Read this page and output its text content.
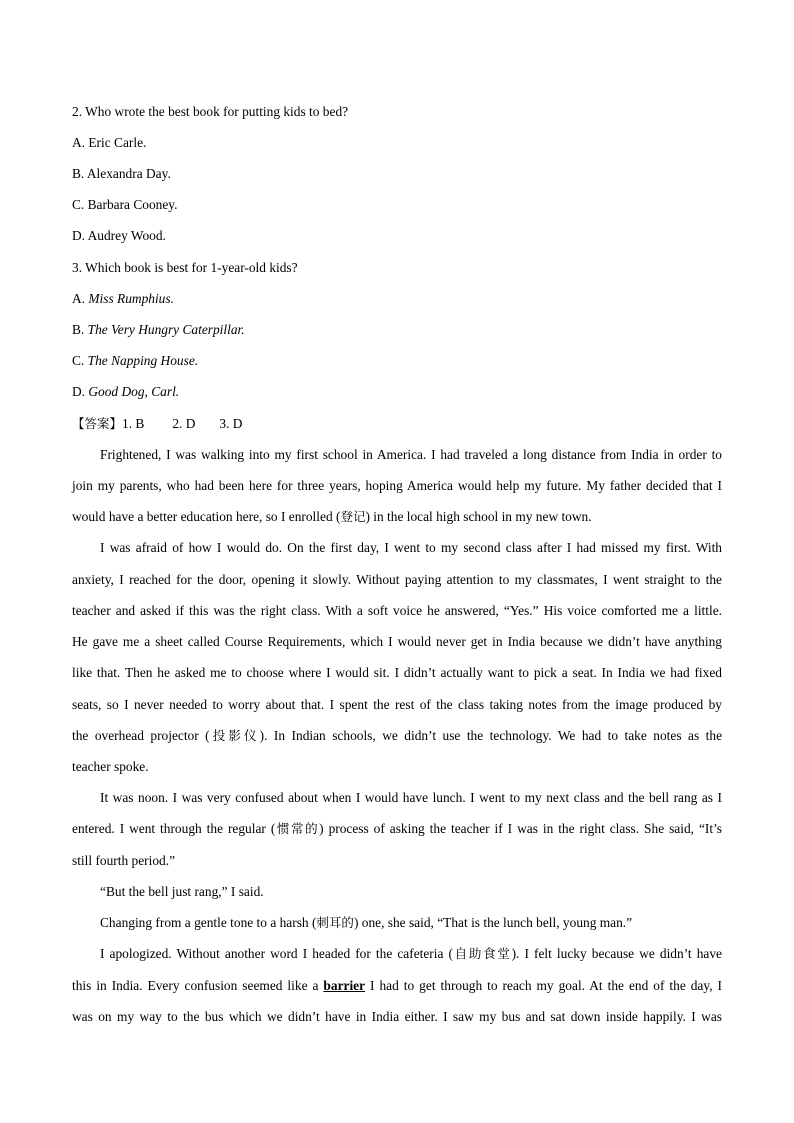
2. Who wrote the best book for putting kids to bed?

A. Eric Carle.

B. Alexandra Day.

C. Barbara Cooney.

D. Audrey Wood.

3. Which book is best for 1-year-old kids?

A. Miss Rumphius.

B. The Very Hungry Caterpillar.

C. The Napping House.

D. Good Dog, Carl.

【答案】1. B 2. D 3. D

Frightened, I was walking into my first school in America. I had traveled a long distance from India in order to

join my parents, who had been here for three years, hoping America would help my future. My father decided that I

would have a better education here, so I enrolled (登记) in the local high school in my new town.

I was afraid of how I would do. On the first day, I went to my second class after I had missed my first. With

anxiety, I reached for the door, opening it slowly. Without paying attention to my classmates, I went straight to the

teacher and asked if this was the right class. With a soft voice he answered, “Yes.” His voice comforted me a little.

He gave me a sheet called Course Requirements, which I would never get in India because we didn’t have anything

like that. Then he asked me to choose where I would sit. I didn’t actually want to pick a seat. In India we had fixed

seats, so I never needed to worry about that. I spent the rest of the class taking notes from the image produced by

the overhead projector (投影仪). In Indian schools, we didn’t use the technology. We had to take notes as the

teacher spoke.

It was noon. I was very confused about when I would have lunch. I went to my next class and the bell rang as I

entered. I went through the regular (惯常的) process of asking the teacher if I was in the right class. She said, “It’s

still fourth period.”

“But the bell just rang,” I said.

Changing from a gentle tone to a harsh (刺耳的) one, she said, “That is the lunch bell, young man.”

I apologized. Without another word I headed for the cafeteria (自助食堂). I felt lucky because we didn’t have

this in India. Every confusion seemed like a barrier I had to get through to reach my goal. At the end of the day, I

was on my way to the bus which we didn’t have in India either. I saw my bus and sat down inside happily. I was
